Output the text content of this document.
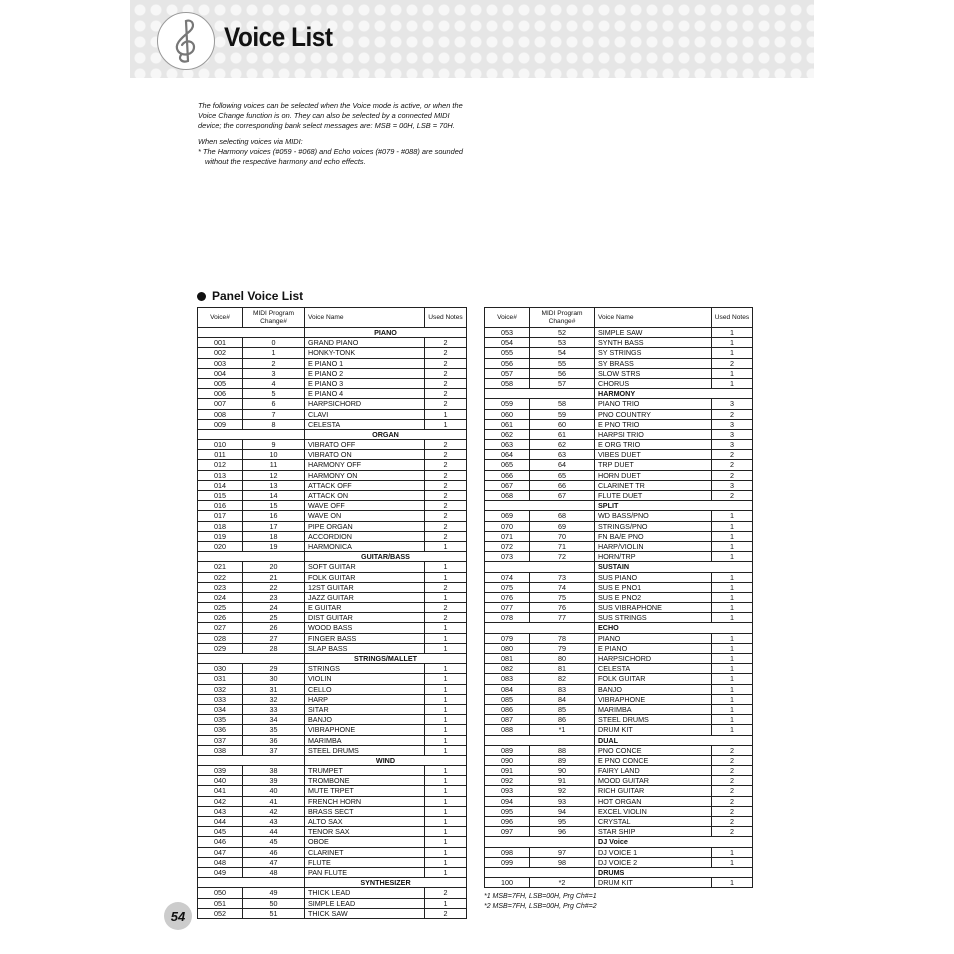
Voice List

The following voices can be selected when the Voice mode is active, or when the Voice Change function is on. They can also be selected by a connected MIDI device; the corresponding bank select messages are: MSB = 00H, LSB = 70H.

When selecting voices via MIDI:
* The Harmony voices (#059 - #068) and Echo voices (#079 - #088) are sounded without the respective harmony and echo effects.
Panel Voice List
Voice#	MIDI Program Change#	Voice Name	Used Notes
		PIANO	
001	0	GRAND PIANO	2
002	1	HONKY-TONK	2
003	2	E PIANO 1	2
004	3	E PIANO 2	2
005	4	E PIANO 3	2
006	5	E PIANO 4	2
007	6	HARPSICHORD	2
008	7	CLAVI	1
009	8	CELESTA	1
		ORGAN	
010	9	VIBRATO OFF	2
011	10	VIBRATO ON	2
012	11	HARMONY OFF	2
013	12	HARMONY ON	2
014	13	ATTACK OFF	2
015	14	ATTACK ON	2
016	15	WAVE OFF	2
017	16	WAVE ON	2
018	17	PIPE ORGAN	2
019	18	ACCORDION	2
020	19	HARMONICA	1
		GUITAR/BASS	
021	20	SOFT GUITAR	1
022	21	FOLK GUITAR	1
023	22	12ST GUITAR	2
024	23	JAZZ GUITAR	1
025	24	E GUITAR	2
026	25	DIST GUITAR	2
027	26	WOOD BASS	1
028	27	FINGER BASS	1
029	28	SLAP BASS	1
		STRINGS/MALLET	
030	29	STRINGS	1
031	30	VIOLIN	1
032	31	CELLO	1
033	32	HARP	1
034	33	SITAR	1
035	34	BANJO	1
036	35	VIBRAPHONE	1
037	36	MARIMBA	1
038	37	STEEL DRUMS	1
		WIND	
039	38	TRUMPET	1
040	39	TROMBONE	1
041	40	MUTE TRPET	1
042	41	FRENCH HORN	1
043	42	BRASS SECT	1
044	43	ALTO SAX	1
045	44	TENOR SAX	1
046	45	OBOE	1
047	46	CLARINET	1
048	47	FLUTE	1
049	48	PAN FLUTE	1
		SYNTHESIZER	
050	49	THICK LEAD	2
051	50	SIMPLE LEAD	1
052	51	THICK SAW	2
Voice#	MIDI Program Change#	Voice Name	Used Notes
053	52	SIMPLE SAW	1
054	53	SYNTH BASS	1
055	54	SY STRINGS	1
056	55	SY BRASS	2
057	56	SLOW STRS	1
058	57	CHORUS	1
		HARMONY	
059	58	PIANO TRIO	3
060	59	PNO COUNTRY	2
061	60	E PNO TRIO	3
062	61	HARPSI TRIO	3
063	62	E ORG TRIO	3
064	63	VIBES DUET	2
065	64	TRP DUET	2
066	65	HORN DUET	2
067	66	CLARINET TR	3
068	67	FLUTE DUET	2
		SPLIT	
069	68	WD BASS/PNO	1
070	69	STRINGS/PNO	1
071	70	FN BA/E PNO	1
072	71	HARP/VIOLIN	1
073	72	HORN/TRP	1
		SUSTAIN	
074	73	SUS PIANO	1
075	74	SUS E PNO1	1
076	75	SUS E PNO2	1
077	76	SUS VIBRAPHONE	1
078	77	SUS STRINGS	1
		ECHO	
079	78	PIANO	1
080	79	E PIANO	1
081	80	HARPSICHORD	1
082	81	CELESTA	1
083	82	FOLK GUITAR	1
084	83	BANJO	1
085	84	VIBRAPHONE	1
086	85	MARIMBA	1
087	86	STEEL DRUMS	1
088	*1	DRUM KIT	1
		DUAL	
089	88	PNO CONCE	2
090	89	E PNO CONCE	2
091	90	FAIRY LAND	2
092	91	MOOD GUITAR	2
093	92	RICH GUITAR	2
094	93	HOT ORGAN	2
095	94	EXCEL VIOLIN	2
096	95	CRYSTAL	2
097	96	STAR SHIP	2
		DJ Voice	
098	97	DJ VOICE 1	1
099	98	DJ VOICE 2	1
		DRUMS	
100	*2	DRUM KIT	1
*1 MSB=7FH, LSB=00H, Prg Ch#=1
*2 MSB=7FH, LSB=00H, Prg Ch#=2
54
